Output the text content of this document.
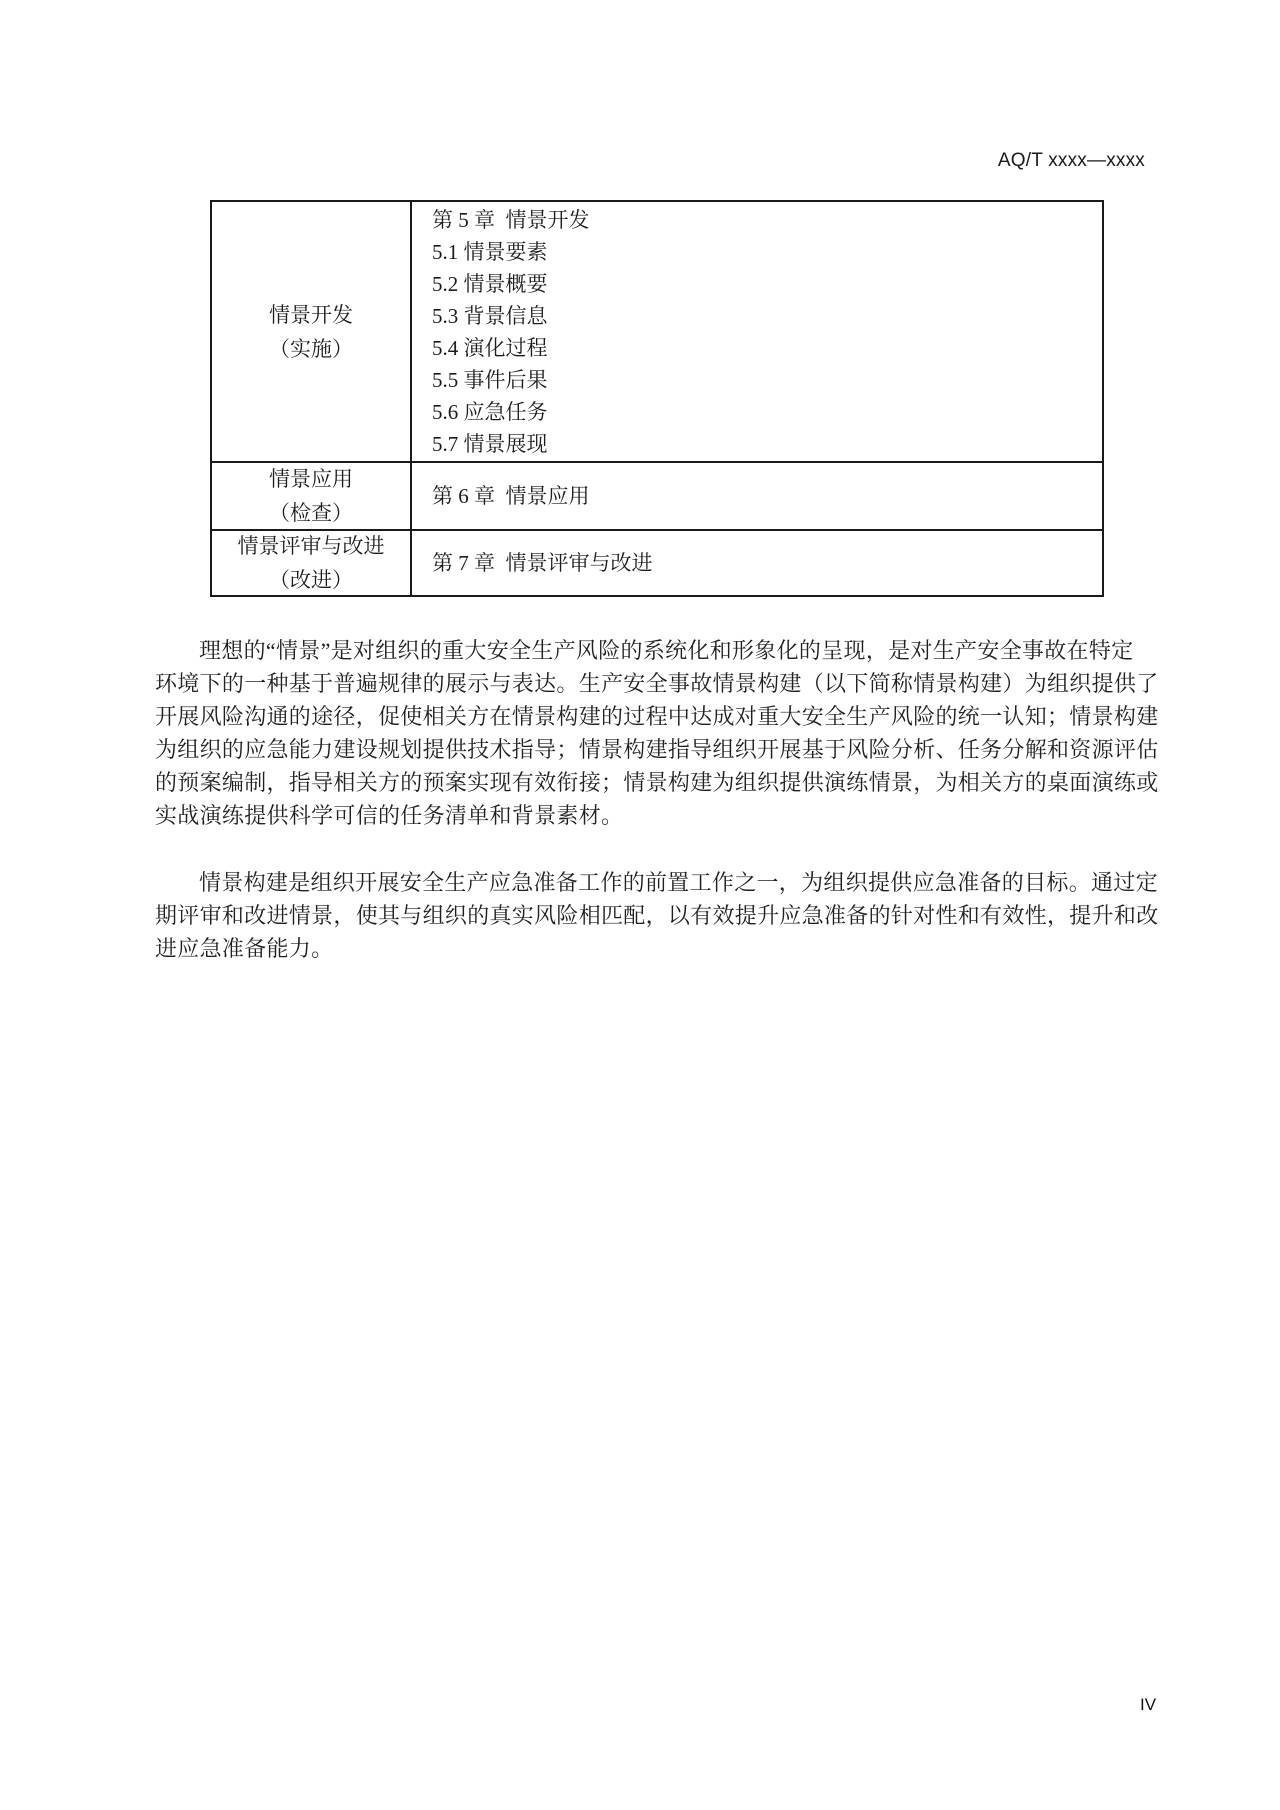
AQ/T xxxx—xxxx
情景开发
（实施）
第 5 章  情景开发
5.1 情景要素
5.2 情景概要
5.3 背景信息
5.4 演化过程
5.5 事件后果
5.6 应急任务
5.7 情景展现
情景应用
（检查）
第 6 章  情景应用
情景评审与改进
（改进）
第 7 章  情景评审与改进
理想的“情景”是对组织的重大安全生产风险的系统化和形象化的呈现，是对生产安全事故在特定
环境下的一种基于普遍规律的展示与表达。生产安全事故情景构建（以下简称情景构建）为组织提供了
开展风险沟通的途径，促使相关方在情景构建的过程中达成对重大安全生产风险的统一认知；情景构建
为组织的应急能力建设规划提供技术指导；情景构建指导组织开展基于风险分析、任务分解和资源评估
的预案编制，指导相关方的预案实现有效衔接；情景构建为组织提供演练情景，为相关方的桌面演练或
实战演练提供科学可信的任务清单和背景素材。
情景构建是组织开展安全生产应急准备工作的前置工作之一，为组织提供应急准备的目标。通过定
期评审和改进情景，使其与组织的真实风险相匹配，以有效提升应急准备的针对性和有效性，提升和改
进应急准备能力。
IV
